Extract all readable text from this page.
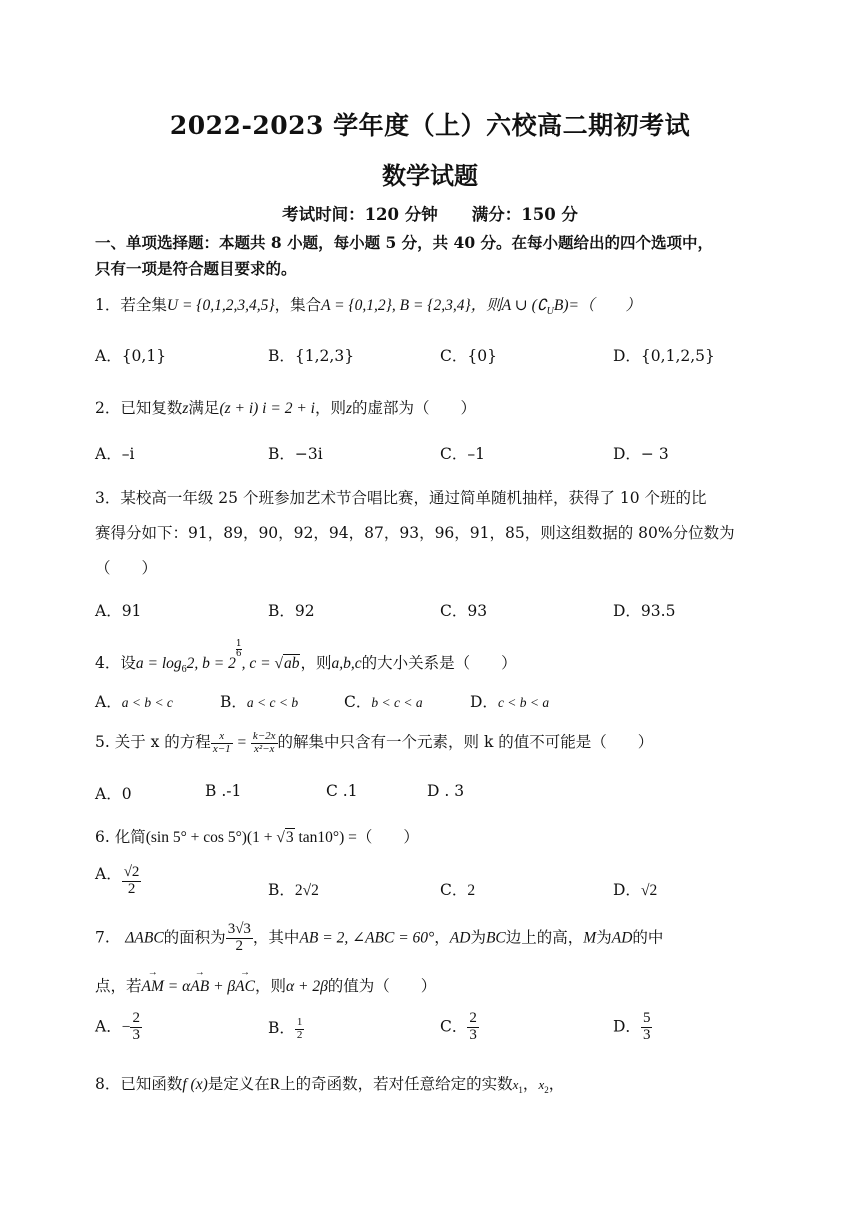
2022-2023 学年度（上）六校高二期初考试
数学试题
考试时间：120 分钟 满分：150 分
一、单项选择题：本题共 8 小题，每小题 5 分，共 40 分。在每小题给出的四个选项中，
只有一项是符合题目要求的。
1．若全集U = {0,1,2,3,4,5}，集合A = {0,1,2}, B = {2,3,4}，则A ∪ $(∁_UB)=$（　　）
A．{0,1}	B．{1,2,3}	C．{0}	D．{0,1,2,5}
2．已知复数z满足(z + i) i = 2 + i，则z的虚部为（　　）
A．–i	B．−3i	C．–1	D．− 3
3．某校高一年级 25 个班参加艺术节合唱比赛，通过简单随机抽样，获得了 10 个班的比
赛得分如下：91，89，90，92，94，87，93，96，91，85，则这组数据的 80%分位数为
（　　）
A．91	B．92	C．93	D．93.5
4．设$a = \log_62$, b = 2
$^{\frac{1}{6}}$
, c = √ab，则a,b,c的大小关系是（　　）
A．a < b < c	B．a < c < b	C．b < c < a	D．c < b < a
5. 关于 x 的方程 $\frac{x}{x-1} = \frac{k-2x}{\text{x²−x}}$ 的解集中只含有一个元素，则 k 的值不可能是（　　）
A．0	B .-1	C .1	D . 3
6. 化简(sin 5° + cos 5°)(1 + √3 tan10°) =（　　）
A． $\frac{√2}{2}$	B．2√2	C．2	D．√2
7.　ΔABC的面积为 $\frac{3√3}{2}$ ，其中AB = 2, ∠ABC = 60°，AD为BC边上的高，M为AD的中
点，若→ AM = α→ AB + β→ AC，则α + 2β的值为（　　）
A．− $\frac{2}{3}$	B． $\frac{1}{2}$	C． $\frac{2}{3}$	D． $\frac{5}{3}$
8．已知函数f (x)是定义在R上的奇函数，若对任意给定的实数$x_1$，$x_2$，
